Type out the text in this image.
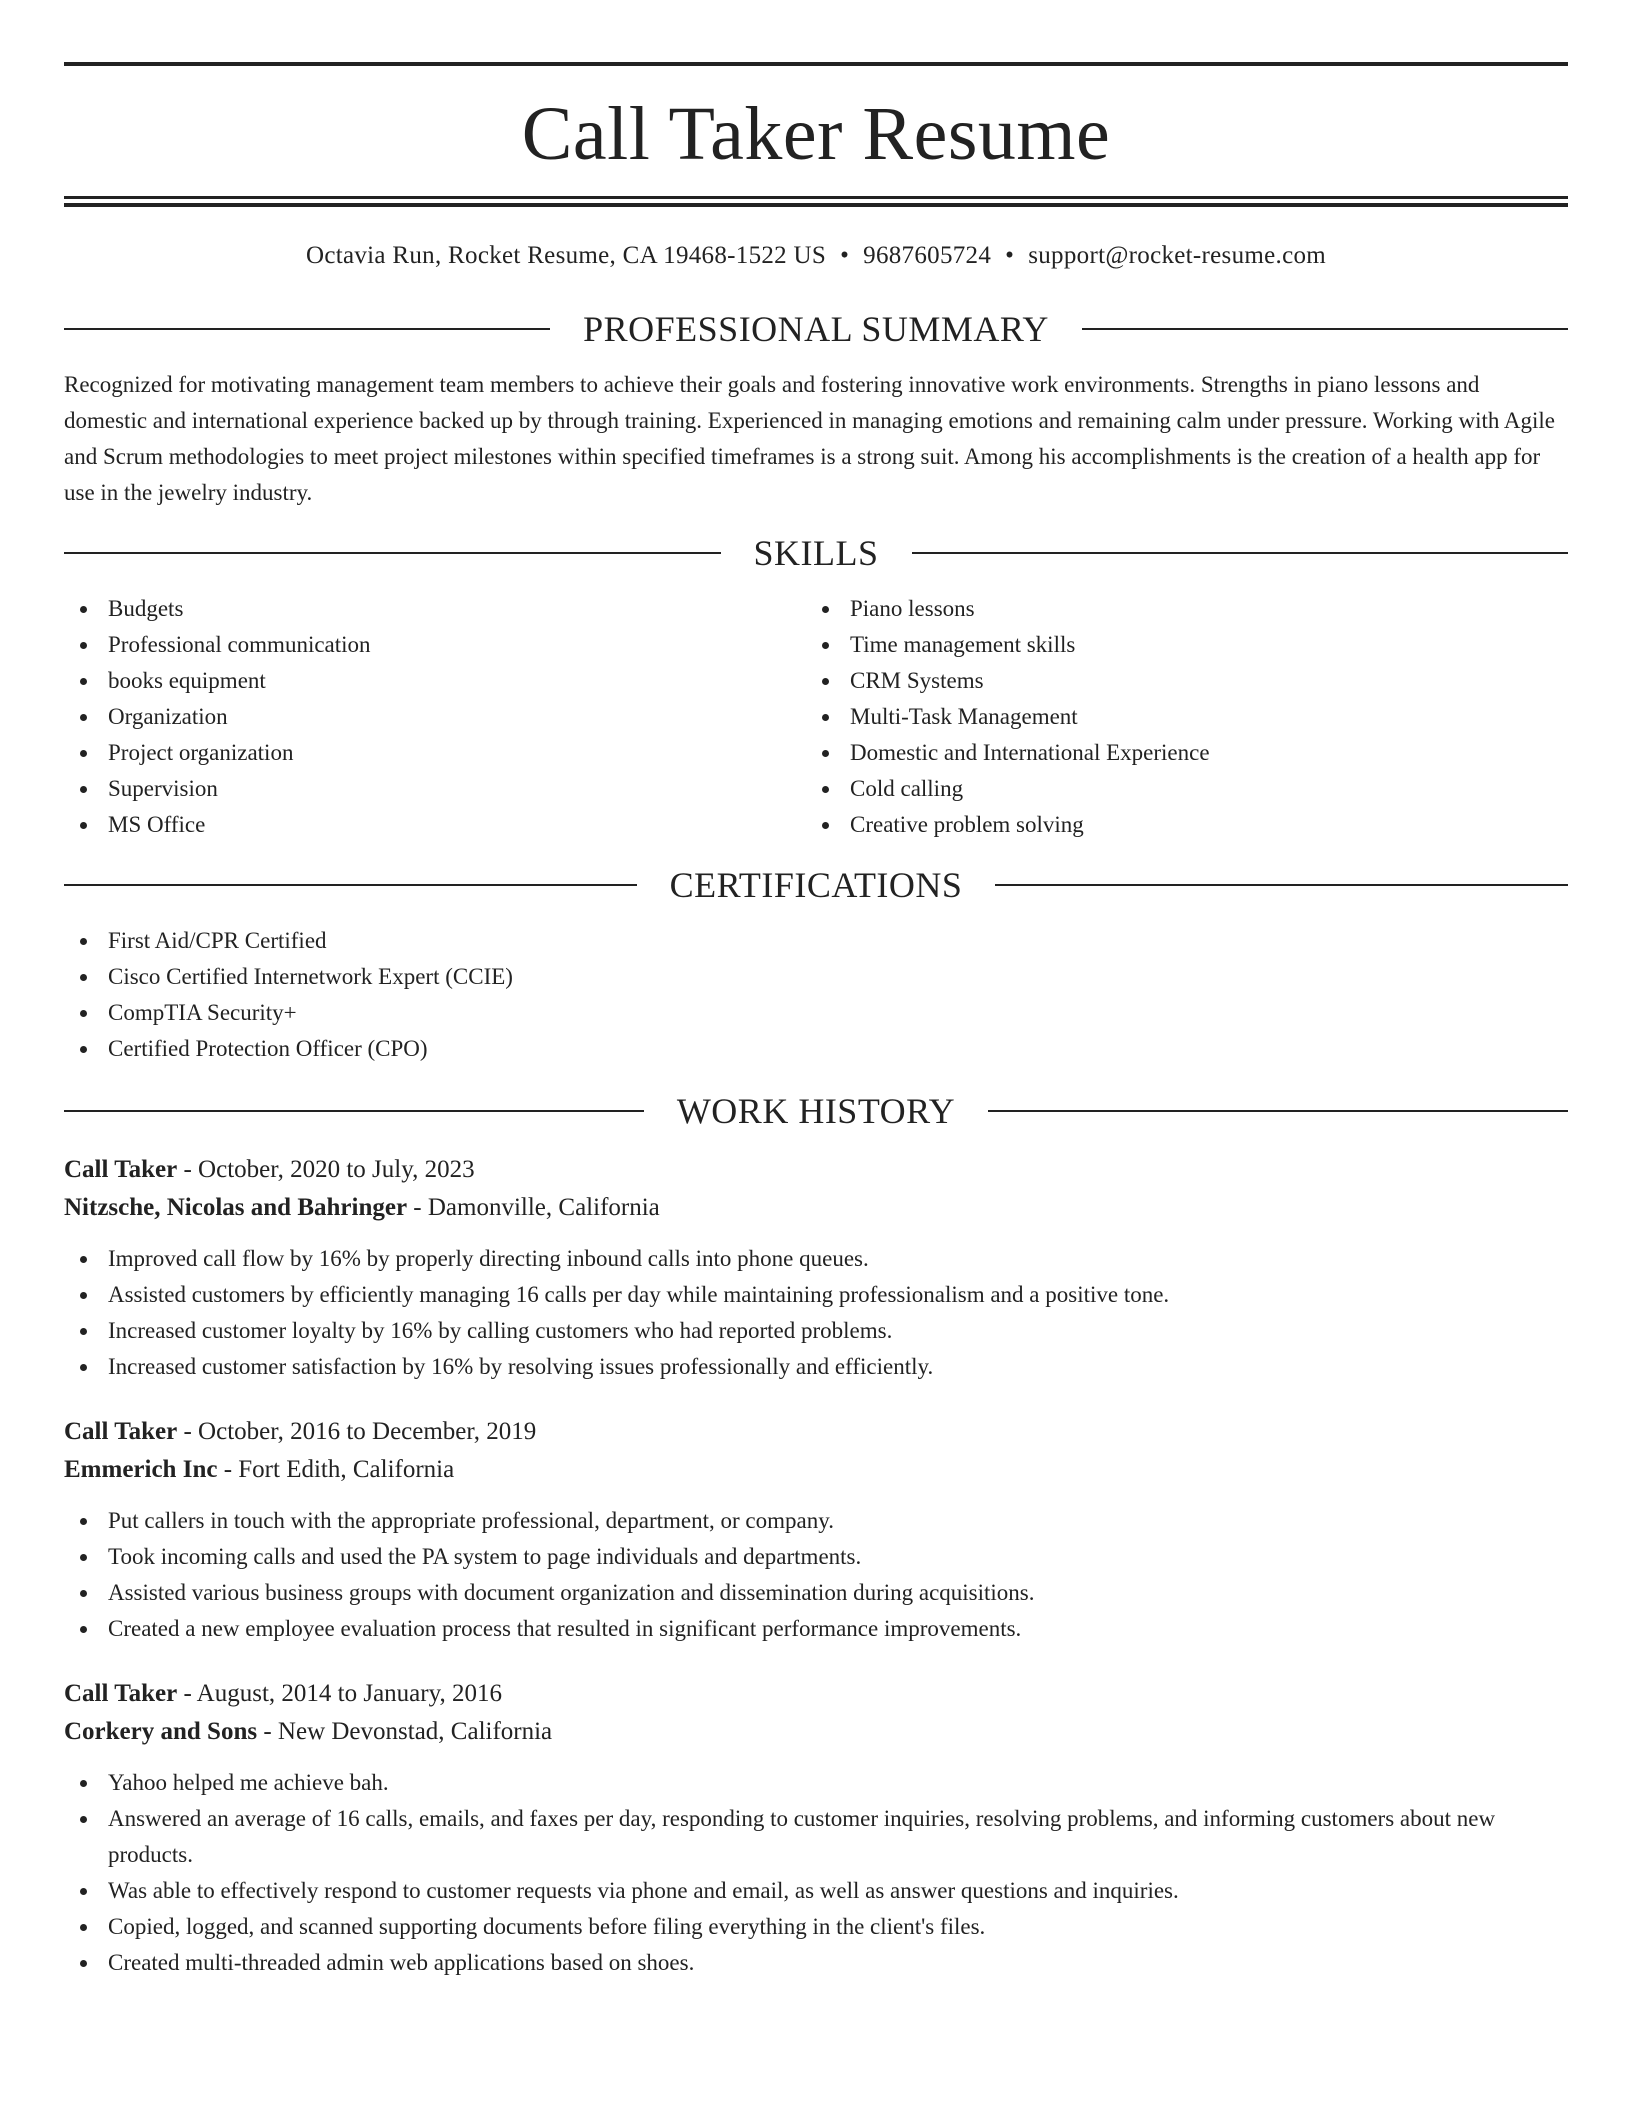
Call Taker Resume
Octavia Run, Rocket Resume, CA 19468-1522 US • 9687605724 • support@rocket-resume.com
PROFESSIONAL SUMMARY

Recognized for motivating management team members to achieve their goals and fostering innovative work environments. Strengths in piano lessons and domestic and international experience backed up by through training. Experienced in managing emotions and remaining calm under pressure. Working with Agile and Scrum methodologies to meet project milestones within specified timeframes is a strong suit. Among his accomplishments is the creation of a health app for use in the jewelry industry.

SKILLS
Budgets
Professional communication
books equipment
Organization
Project organization
Supervision
MS Office
Piano lessons
Time management skills
CRM Systems
Multi-Task Management
Domestic and International Experience
Cold calling
Creative problem solving
CERTIFICATIONS
First Aid/CPR Certified
Cisco Certified Internetwork Expert (CCIE)
CompTIA Security+
Certified Protection Officer (CPO)
WORK HISTORY
Call Taker - October, 2020 to July, 2023
Nitzsche, Nicolas and Bahringer - Damonville, California
Improved call flow by 16% by properly directing inbound calls into phone queues.
Assisted customers by efficiently managing 16 calls per day while maintaining professionalism and a positive tone.
Increased customer loyalty by 16% by calling customers who had reported problems.
Increased customer satisfaction by 16% by resolving issues professionally and efficiently.
Call Taker - October, 2016 to December, 2019
Emmerich Inc - Fort Edith, California
Put callers in touch with the appropriate professional, department, or company.
Took incoming calls and used the PA system to page individuals and departments.
Assisted various business groups with document organization and dissemination during acquisitions.
Created a new employee evaluation process that resulted in significant performance improvements.
Call Taker - August, 2014 to January, 2016
Corkery and Sons - New Devonstad, California
Yahoo helped me achieve bah.
Answered an average of 16 calls, emails, and faxes per day, responding to customer inquiries, resolving problems, and informing customers about new products.
Was able to effectively respond to customer requests via phone and email, as well as answer questions and inquiries.
Copied, logged, and scanned supporting documents before filing everything in the client's files.
Created multi-threaded admin web applications based on shoes.
